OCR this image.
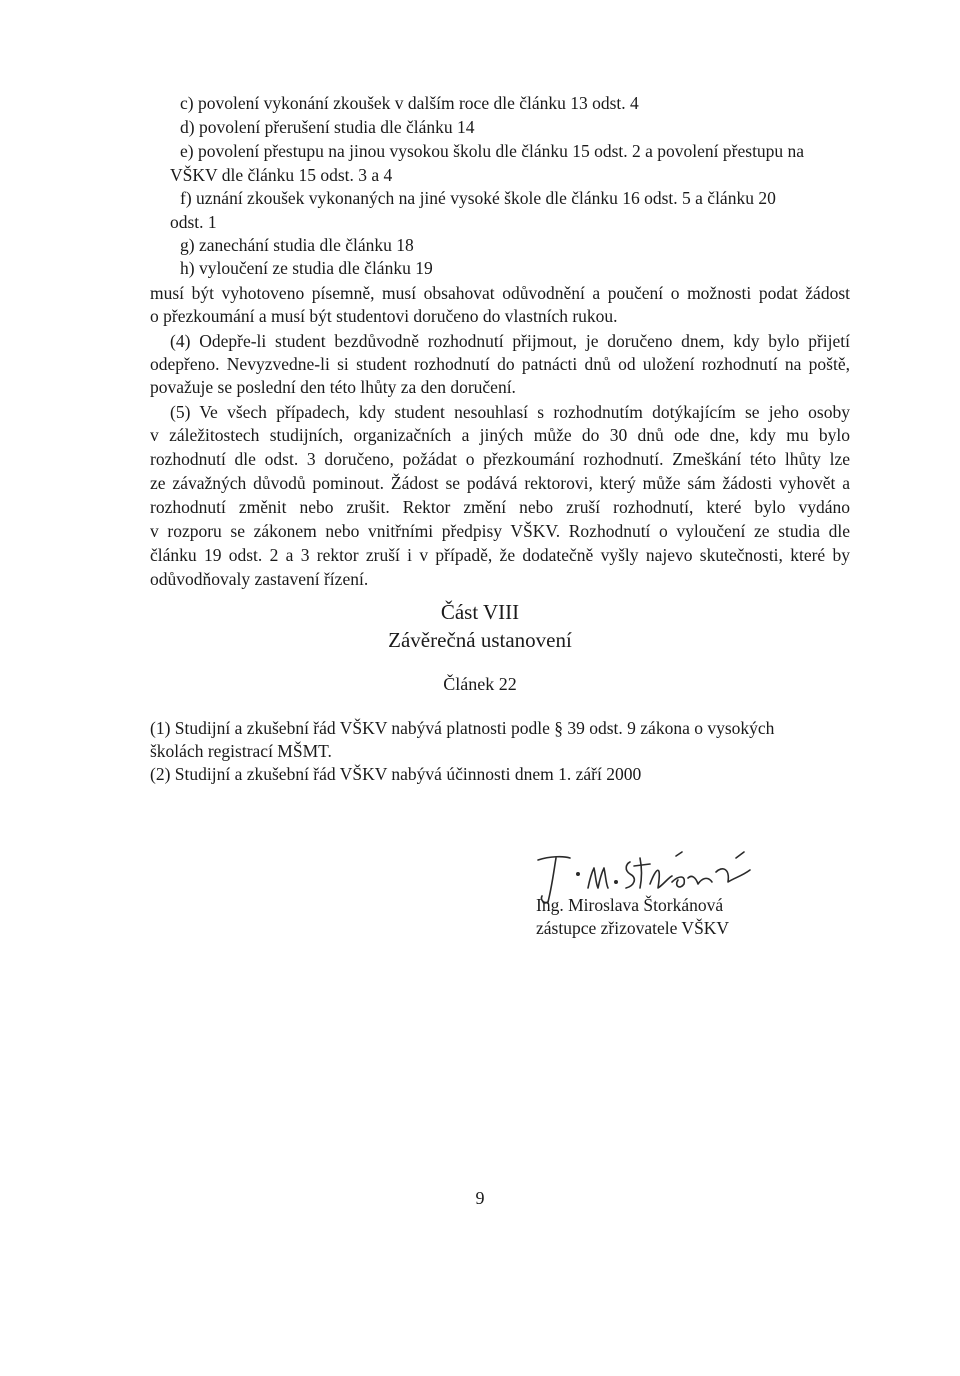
c) povolení vykonání zkoušek v dalším roce dle článku 13 odst. 4
d) povolení přerušení studia dle článku 14
e) povolení přestupu na jinou vysokou školu dle článku 15 odst. 2 a povolení přestupu na
VŠKV dle článku 15 odst. 3 a 4
f) uznání zkoušek vykonaných na jiné vysoké škole dle článku 16 odst. 5 a článku 20
odst. 1
g) zanechání studia dle článku 18
h) vyloučení ze studia dle článku 19
musí být vyhotoveno písemně, musí obsahovat odůvodnění a poučení o možnosti podat žádost
o přezkoumání a musí být studentovi doručeno do vlastních rukou.
(4) Odepře-li student bezdůvodně rozhodnutí přijmout, je doručeno dnem, kdy bylo přijetí
odepřeno. Nevyzvedne-li si student rozhodnutí do patnácti dnů od uložení rozhodnutí na poště,
považuje se poslední den této lhůty za den doručení.
(5) Ve všech případech, kdy student nesouhlasí s rozhodnutím dotýkajícím se jeho osoby
v záležitostech studijních, organizačních a jiných může do 30 dnů ode dne, kdy mu bylo
rozhodnutí dle odst. 3 doručeno, požádat o přezkoumání rozhodnutí. Zmeškání této lhůty lze
ze závažných důvodů pominout. Žádost se podává rektorovi, který může sám žádosti vyhovět a
rozhodnutí změnit nebo zrušit. Rektor změní nebo zruší rozhodnutí, které bylo vydáno
v rozporu se zákonem nebo vnitřními předpisy VŠKV. Rozhodnutí o vyloučení ze studia dle
článku 19 odst. 2 a 3 rektor zruší i v případě, že dodatečně vyšly najevo skutečnosti, které by
odůvodňovaly zastavení řízení.
Část VIII
Závěrečná ustanovení
Článek 22
(1) Studijní a zkušební řád VŠKV nabývá platnosti podle § 39 odst. 9 zákona o vysokých
školách registrací MŠMT.
(2) Studijní a zkušební řád VŠKV nabývá účinnosti dnem 1. září 2000
Ing. Miroslava Štorkánová
zástupce zřizovatele VŠKV
9
